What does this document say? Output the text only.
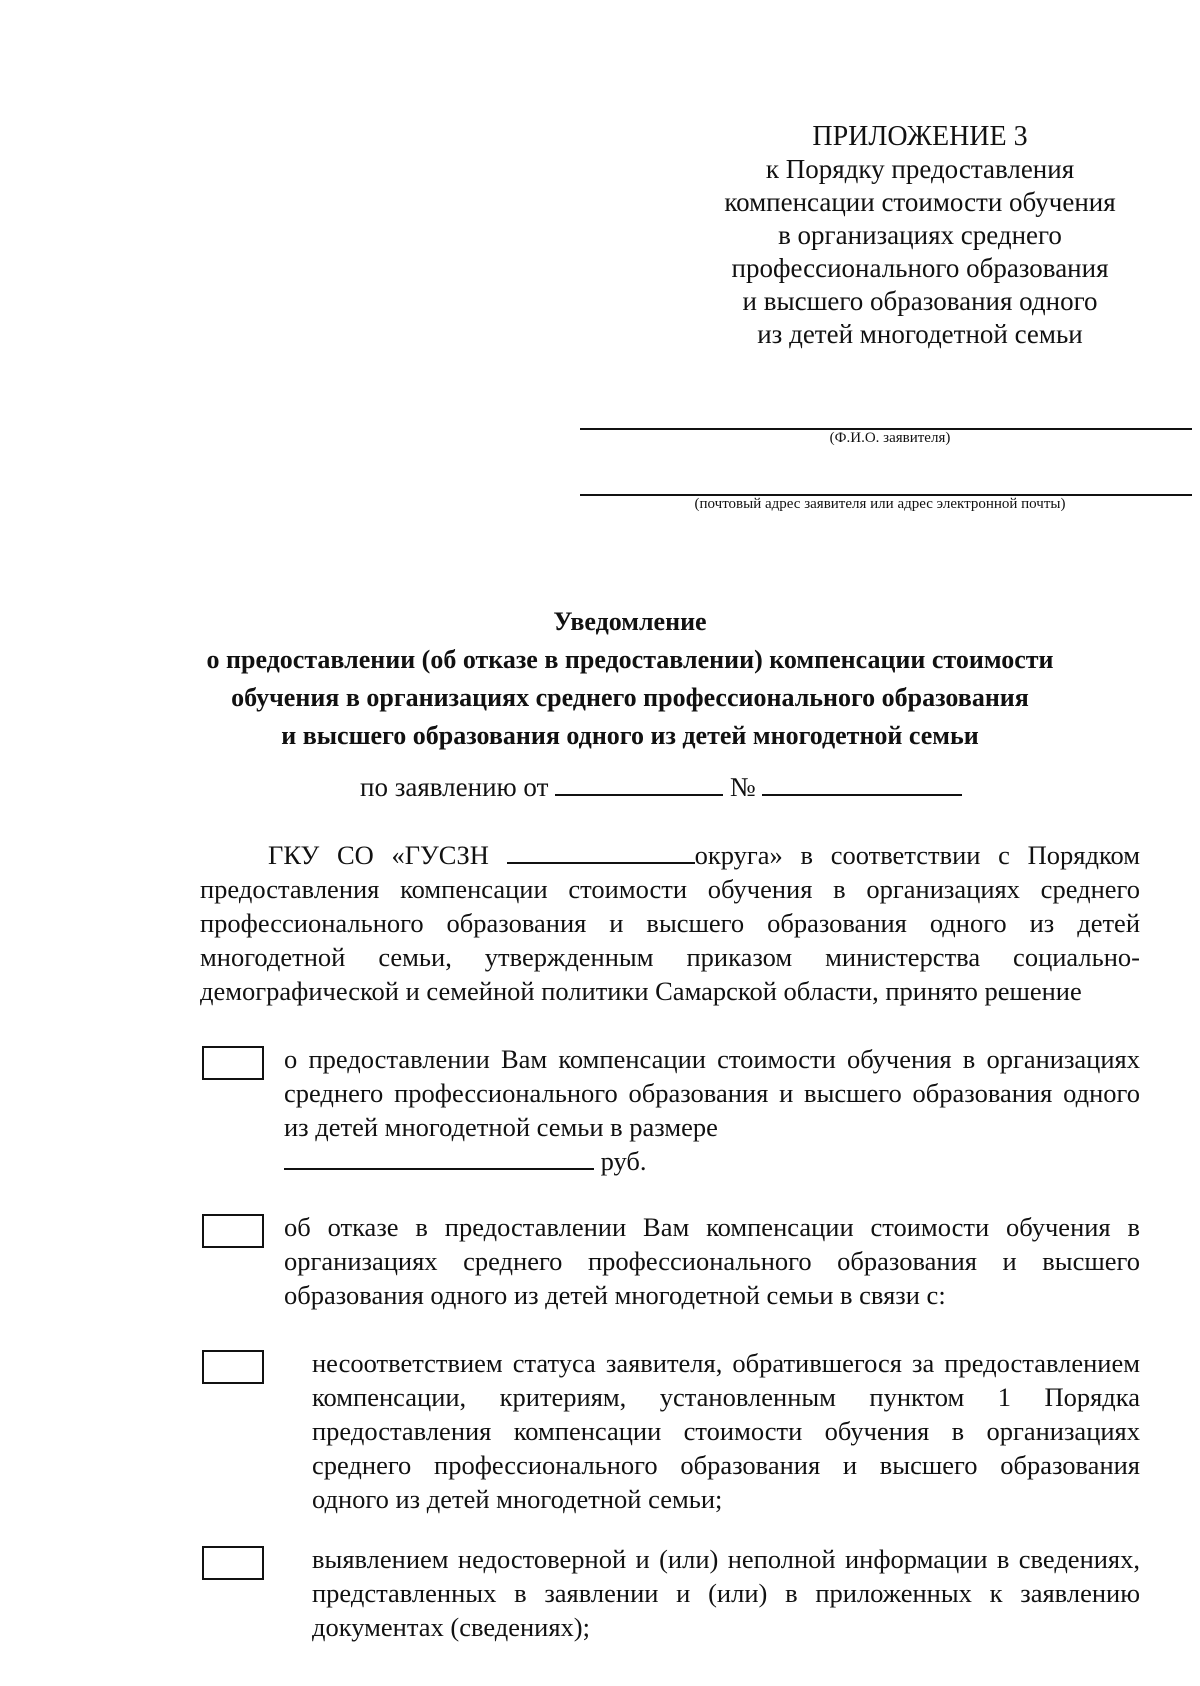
ПРИЛОЖЕНИЕ 3
к Порядку предоставления
компенсации стоимости обучения
в организациях среднего
профессионального образования
и высшего образования одного
из детей многодетной семьи
(Ф.И.О. заявителя)
(почтовый адрес заявителя или адрес электронной почты)
Уведомление
о предоставлении (об отказе в предоставлении) компенсации стоимости
обучения в организациях среднего профессионального образования
и высшего образования одного из детей многодетной семьи
по заявлению от	№
ГКУ СО «ГУСЗН	округа» в соответствии с Порядком предоставления компенсации стоимости обучения в организациях среднего профессионального образования и высшего образования одного из детей многодетной семьи, утвержденным приказом министерства социально-демографической и семейной политики Самарской области, принято решение
о предоставлении Вам компенсации стоимости обучения в организациях среднего профессионального образования и высшего образования одного из детей многодетной семьи в размере
руб.
об отказе в предоставлении Вам компенсации стоимости обучения в организациях среднего профессионального образования и высшего образования одного из детей многодетной семьи в связи с:
несоответствием статуса заявителя, обратившегося за предоставлением компенсации, критериям, установленным пунктом 1 Порядка предоставления компенсации стоимости обучения в организациях среднего профессионального образования и высшего образования одного из детей многодетной семьи;
выявлением недостоверной и (или) неполной информации в сведениях, представленных в заявлении и (или) в приложенных к заявлению документах (сведениях);
